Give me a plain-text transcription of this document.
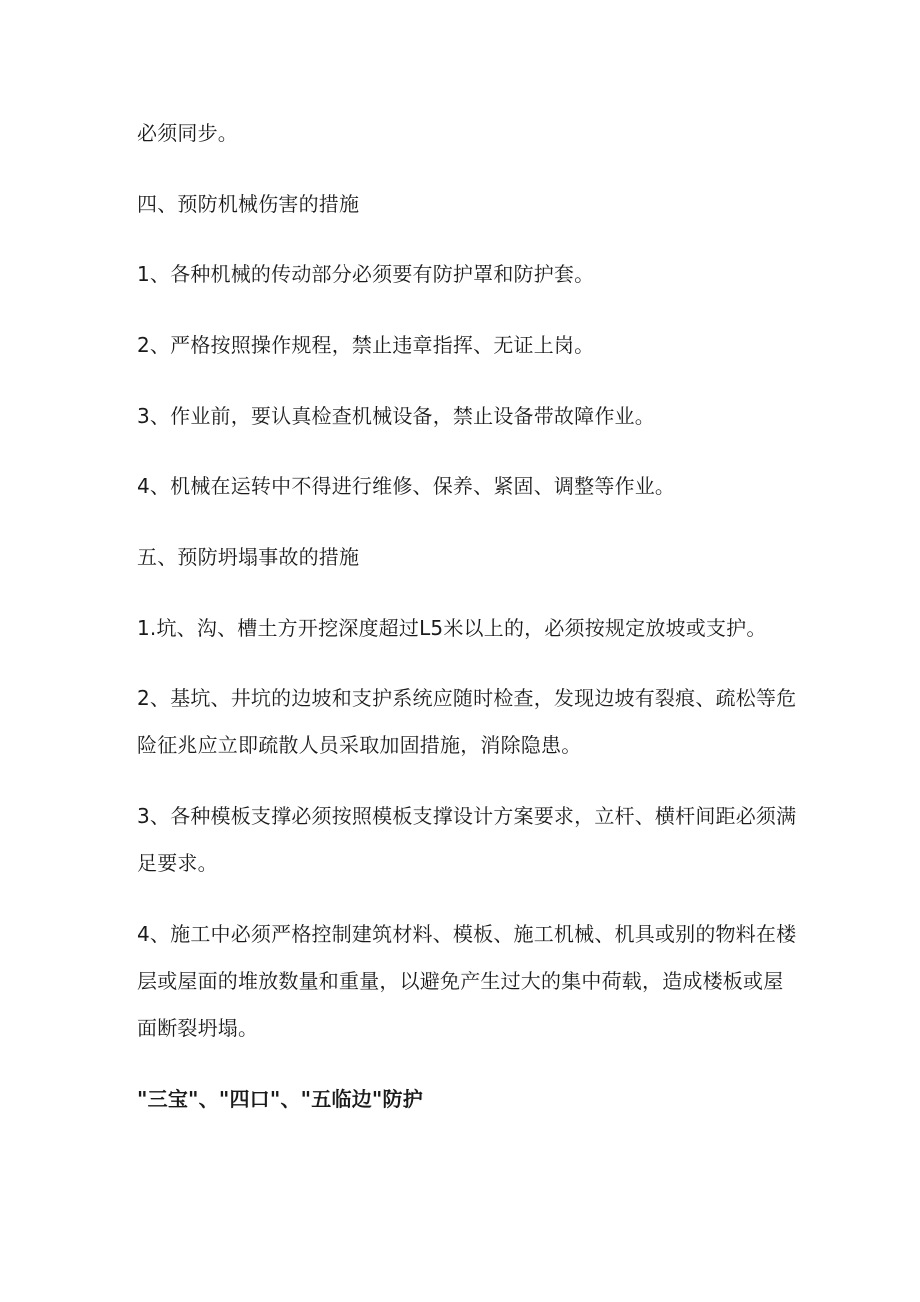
必须同步。
四、预防机械伤害的措施
1、各种机械的传动部分必须要有防护罩和防护套。
2、严格按照操作规程，禁止违章指挥、无证上岗。
3、作业前，要认真检查机械设备，禁止设备带故障作业。
4、机械在运转中不得进行维修、保养、紧固、调整等作业。
五、预防坍塌事故的措施
1.坑、沟、槽土方开挖深度超过L5米以上的，必须按规定放坡或支护。
2、基坑、井坑的边坡和支护系统应随时检查，发现边坡有裂痕、疏松等危
险征兆应立即疏散人员采取加固措施，消除隐患。
3、各种模板支撑必须按照模板支撑设计方案要求，立杆、横杆间距必须满
足要求。
4、施工中必须严格控制建筑材料、模板、施工机械、机具或别的物料在楼
层或屋面的堆放数量和重量，以避免产生过大的集中荷载，造成楼板或屋
面断裂坍塌。
"三宝"、"四口"、"五临边"防护
